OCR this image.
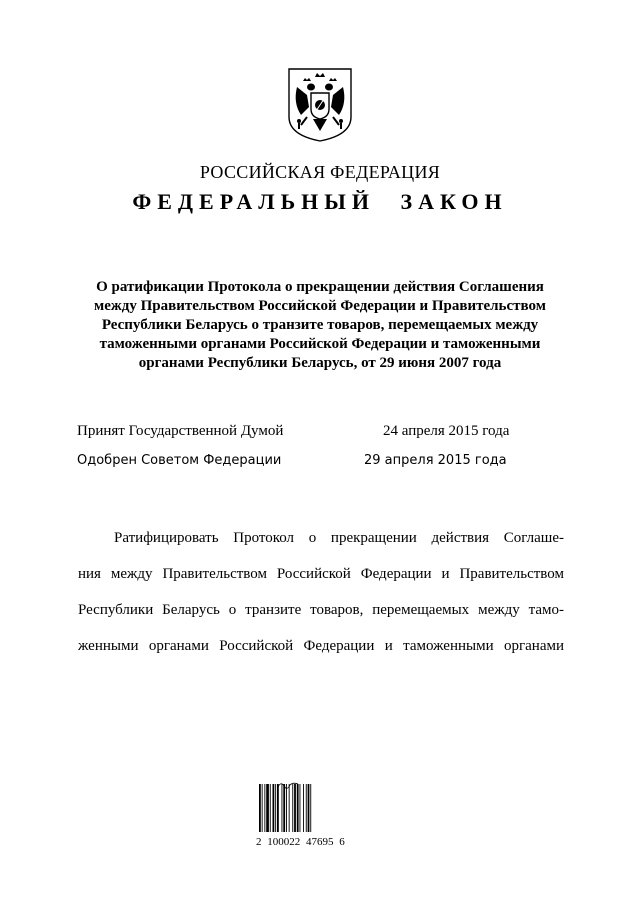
РОССИЙСКАЯ ФЕДЕРАЦИЯ
ФЕДЕРАЛЬНЫЙ ЗАКОН
О ратификации Протокола о прекращении действия Соглашения
между Правительством Российской Федерации и Правительством
Республики Беларусь о транзите товаров, перемещаемых между
таможенными органами Российской Федерации и таможенными
органами Республики Беларусь, от 29 июня 2007 года
Принят Государственной Думой	24 апреля 2015 года
Одобрен Советом Федерации	29 апреля 2015 года
Ратифицировать Протокол о прекращении действия Соглаше-
ния между Правительством Российской Федерации и Правительством
Республики Беларусь о транзите товаров, перемещаемых между тамо-
женными органами Российской Федерации и таможенными органами
2 100022 47695 6
